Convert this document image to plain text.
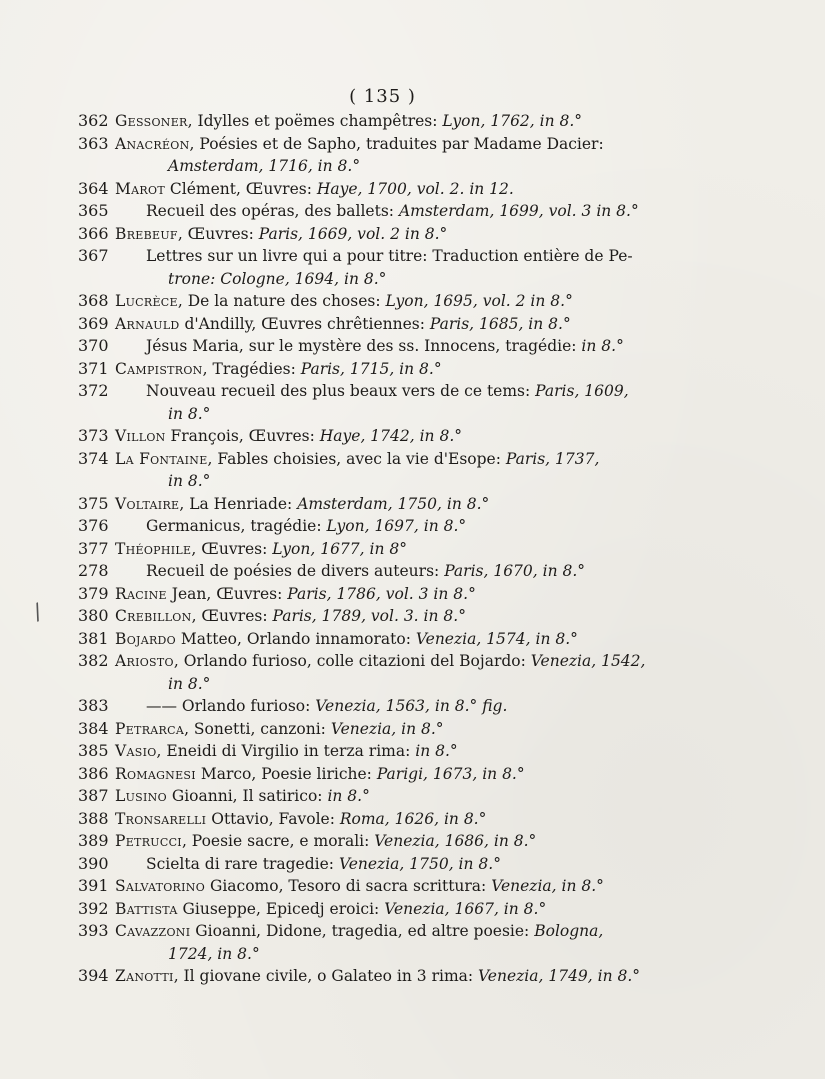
( 135 )
/
362 Gessoner, Idylles et poëmes champêtres: Lyon, 1762, in 8.°
363 Anacréon, Poésies et de Sapho, traduites par Madame Dacier:
Amsterdam, 1716, in 8.°
364 Marot Clément, Œuvres: Haye, 1700, vol. 2. in 12.
365 Recueil des opéras, des ballets: Amsterdam, 1699, vol. 3 in 8.°
366 Brebeuf, Œuvres: Paris, 1669, vol. 2 in 8.°
367 Lettres sur un livre qui a pour titre: Traduction entière de Pe-
trone: Cologne, 1694, in 8.°
368 Lucrèce, De la nature des choses: Lyon, 1695, vol. 2 in 8.°
369 Arnauld d'Andilly, Œuvres chrêtiennes: Paris, 1685, in 8.°
370 Jésus Maria, sur le mystère des ss. Innocens, tragédie: in 8.°
371 Campistron, Tragédies: Paris, 1715, in 8.°
372 Nouveau recueil des plus beaux vers de ce tems: Paris, 1609,
in 8.°
373 Villon François, Œuvres: Haye, 1742, in 8.°
374 La Fontaine, Fables choisies, avec la vie d'Esope: Paris, 1737,
in 8.°
375 Voltaire, La Henriade: Amsterdam, 1750, in 8.°
376 Germanicus, tragédie: Lyon, 1697, in 8.°
377 Théophile, Œuvres: Lyon, 1677, in 8°
278 Recueil de poésies de divers auteurs: Paris, 1670, in 8.°
379 Racine Jean, Œuvres: Paris, 1786, vol. 3 in 8.°
380 Crebillon, Œuvres: Paris, 1789, vol. 3. in 8.°
381 Bojardo Matteo, Orlando innamorato: Venezia, 1574, in 8.°
382 Ariosto, Orlando furioso, colle citazioni del Bojardo: Venezia, 1542,
in 8.°
383 —— Orlando furioso: Venezia, 1563, in 8.° fig.
384 Petrarca, Sonetti, canzoni: Venezia, in 8.°
385 Vasio, Eneidi di Virgilio in terza rima: in 8.°
386 Romagnesi Marco, Poesie liriche: Parigi, 1673, in 8.°
387 Lusino Gioanni, Il satirico: in 8.°
388 Tronsarelli Ottavio, Favole: Roma, 1626, in 8.°
389 Petrucci, Poesie sacre, e morali: Venezia, 1686, in 8.°
390 Scielta di rare tragedie: Venezia, 1750, in 8.°
391 Salvatorino Giacomo, Tesoro di sacra scrittura: Venezia, in 8.°
392 Battista Giuseppe, Epicedj eroici: Venezia, 1667, in 8.°
393 Cavazzoni Gioanni, Didone, tragedia, ed altre poesie: Bologna,
1724, in 8.°
394 Zanotti, Il giovane civile, o Galateo in 3 rima: Venezia, 1749, in 8.°
